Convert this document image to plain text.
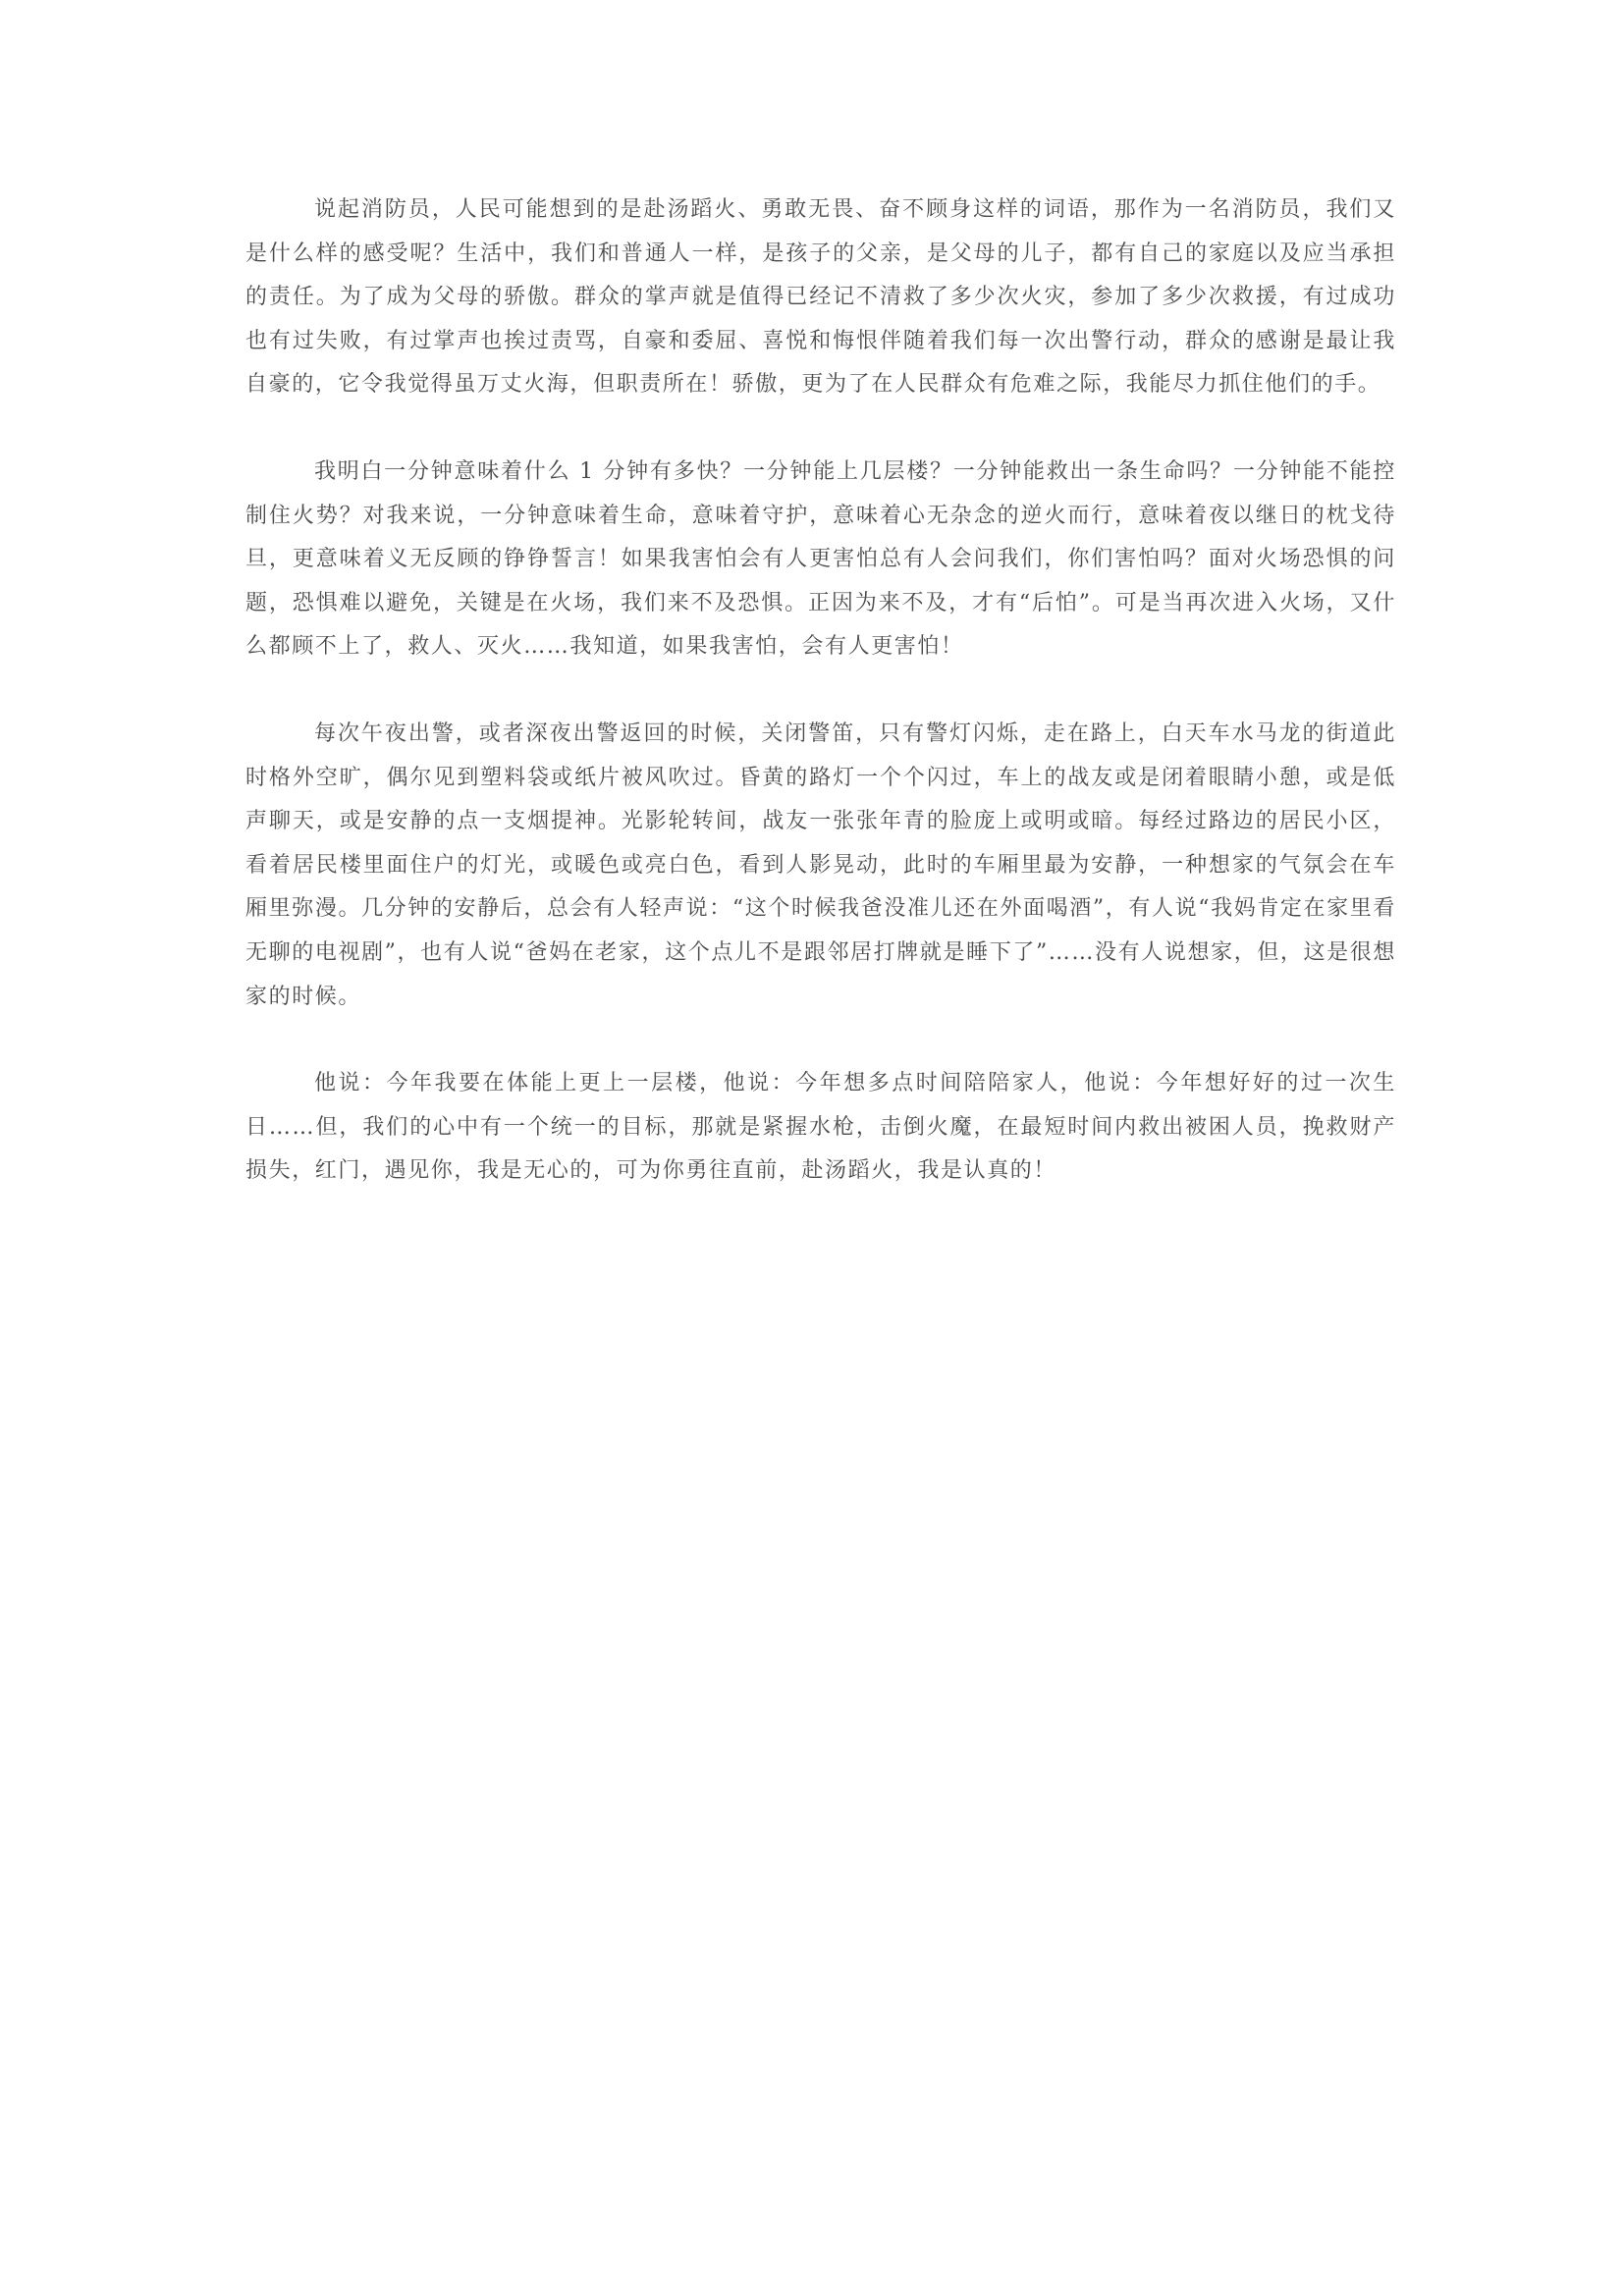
说起消防员，人民可能想到的是赴汤蹈火、勇敢无畏、奋不顾身这样的词语，那作为一名消防员，我们又是什么样的感受呢？生活中，我们和普通人一样，是孩子的父亲，是父母的儿子，都有自己的家庭以及应当承担的责任。为了成为父母的骄傲。群众的掌声就是值得已经记不清救了多少次火灾，参加了多少次救援，有过成功也有过失败，有过掌声也挨过责骂，自豪和委屈、喜悦和悔恨伴随着我们每一次出警行动，群众的感谢是最让我自豪的，它令我觉得虽万丈火海，但职责所在！骄傲，更为了在人民群众有危难之际，我能尽力抓住他们的手。

我明白一分钟意味着什么 1 分钟有多快？一分钟能上几层楼？一分钟能救出一条生命吗？一分钟能不能控制住火势？对我来说，一分钟意味着生命，意味着守护，意味着心无杂念的逆火而行，意味着夜以继日的枕戈待旦，更意味着义无反顾的铮铮誓言！如果我害怕会有人更害怕总有人会问我们，你们害怕吗？面对火场恐惧的问题，恐惧难以避免，关键是在火场，我们来不及恐惧。正因为来不及，才有“后怕”。可是当再次进入火场，又什么都顾不上了，救人、灭火……我知道，如果我害怕，会有人更害怕！

每次午夜出警，或者深夜出警返回的时候，关闭警笛，只有警灯闪烁，走在路上，白天车水马龙的街道此时格外空旷，偶尔见到塑料袋或纸片被风吹过。昏黄的路灯一个个闪过，车上的战友或是闭着眼睛小憩，或是低声聊天，或是安静的点一支烟提神。光影轮转间，战友一张张年青的脸庞上或明或暗。每经过路边的居民小区，看着居民楼里面住户的灯光，或暖色或亮白色，看到人影晃动，此时的车厢里最为安静，一种想家的气氛会在车厢里弥漫。几分钟的安静后，总会有人轻声说：“这个时候我爸没准儿还在外面喝酒”，有人说“我妈肯定在家里看无聊的电视剧”，也有人说“爸妈在老家，这个点儿不是跟邻居打牌就是睡下了”……没有人说想家，但，这是很想家的时候。

他说：今年我要在体能上更上一层楼，他说：今年想多点时间陪陪家人，他说：今年想好好的过一次生日……但，我们的心中有一个统一的目标，那就是紧握水枪，击倒火魔，在最短时间内救出被困人员，挽救财产损失，红门，遇见你，我是无心的，可为你勇往直前，赴汤蹈火，我是认真的！
